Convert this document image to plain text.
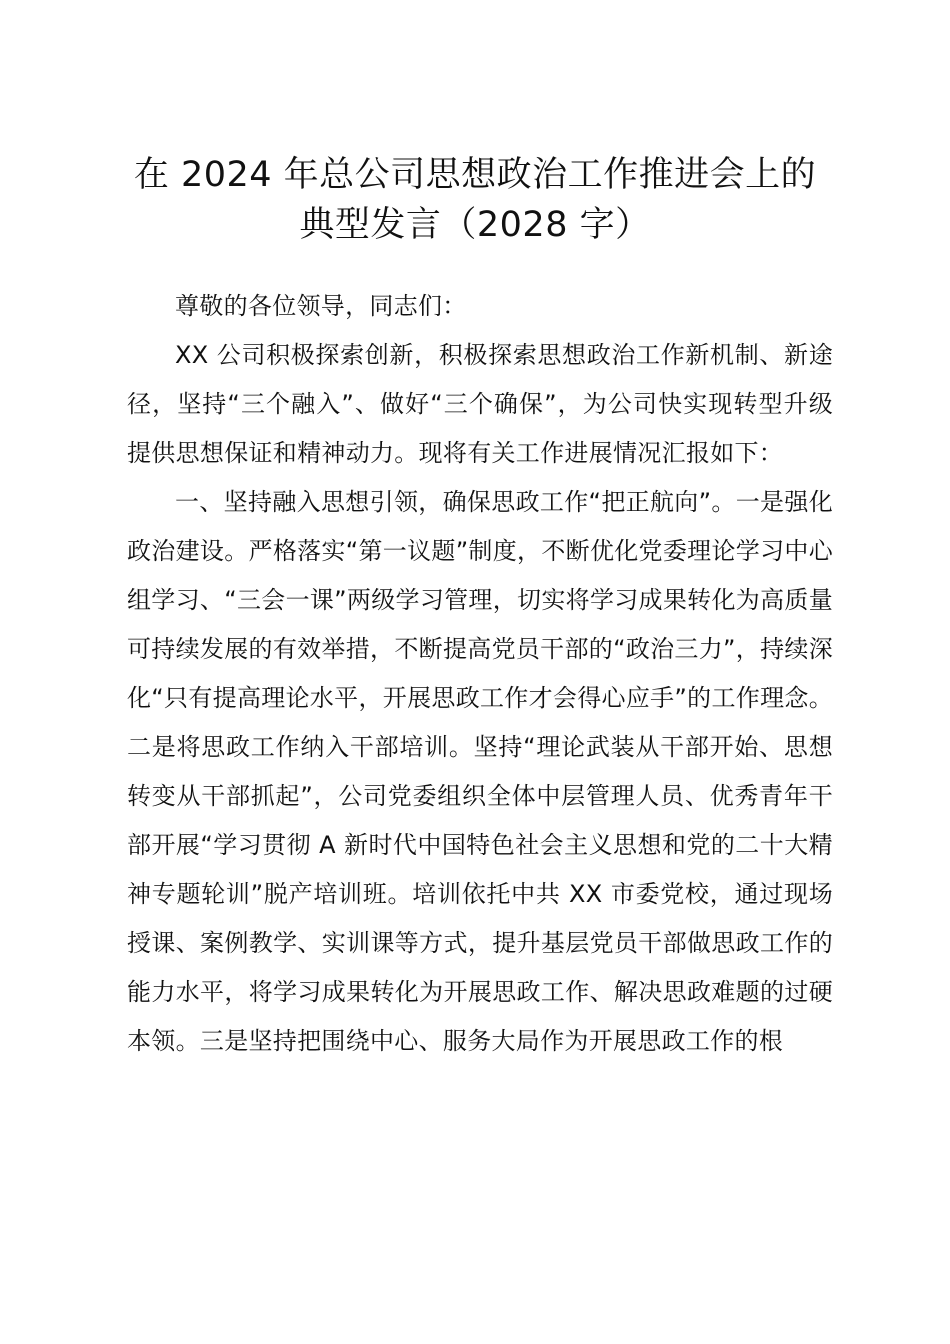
在 2024 年总公司思想政治工作推进会上的典型发言（2028 字）

尊敬的各位领导，同志们：

XX 公司积极探索创新，积极探索思想政治工作新机制、新途径，坚持“三个融入”、做好“三个确保”，为公司快实现转型升级提供思想保证和精神动力。现将有关工作进展情况汇报如下：

一、坚持融入思想引领，确保思政工作“把正航向”。一是强化政治建设。严格落实“第一议题”制度，不断优化党委理论学习中心组学习、“三会一课”两级学习管理，切实将学习成果转化为高质量可持续发展的有效举措，不断提高党员干部的“政治三力”，持续深化“只有提高理论水平，开展思政工作才会得心应手”的工作理念。二是将思政工作纳入干部培训。坚持“理论武装从干部开始、思想转变从干部抓起”，公司党委组织全体中层管理人员、优秀青年干部开展“学习贯彻 A 新时代中国特色社会主义思想和党的二十大精神专题轮训”脱产培训班。培训依托中共 XX 市委党校，通过现场授课、案例教学、实训课等方式，提升基层党员干部做思政工作的能力水平，将学习成果转化为开展思政工作、解决思政难题的过硬本领。三是坚持把围绕中心、服务大局作为开展思政工作的根
